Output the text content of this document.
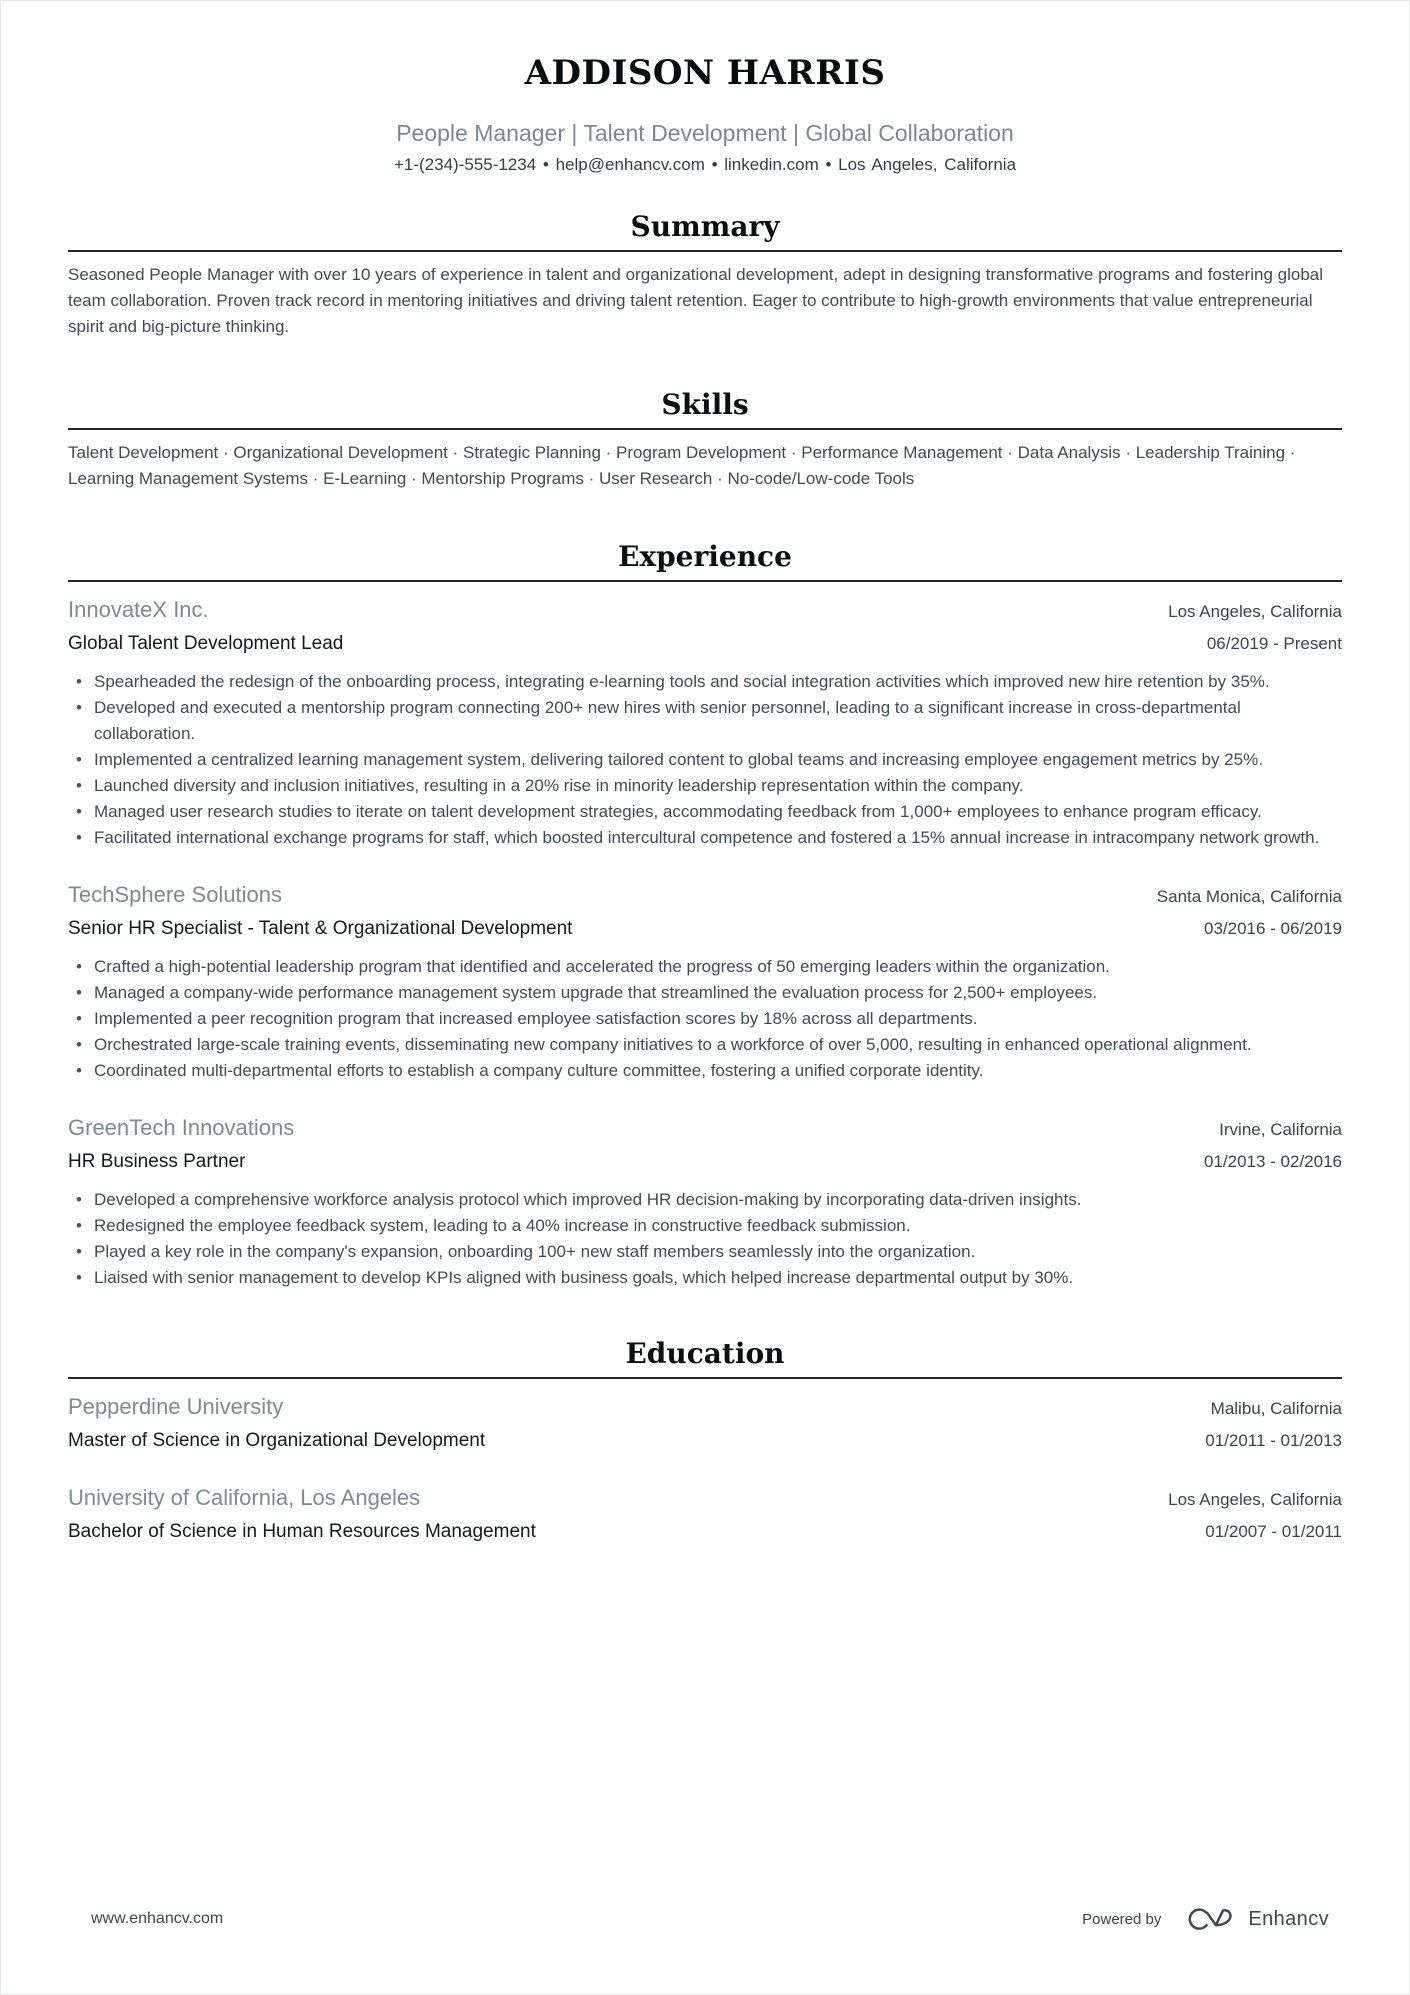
ADDISON HARRIS
People Manager | Talent Development | Global Collaboration
+1-(234)-555-1234 • help@enhancv.com • linkedin.com • Los Angeles, California
Summary

Seasoned People Manager with over 10 years of experience in talent and organizational development, adept in designing transformative programs and fostering global team collaboration. Proven track record in mentoring initiatives and driving talent retention. Eager to contribute to high-growth environments that value entrepreneurial spirit and big-picture thinking.

Skills

Talent Development · Organizational Development · Strategic Planning · Program Development · Performance Management · Data Analysis · Leadership Training · Learning Management Systems · E-Learning · Mentorship Programs · User Research · No-code/Low-code Tools

Experience
InnovateX Inc.	Los Angeles, California
Global Talent Development Lead	06/2019 - Present
• Spearheaded the redesign of the onboarding process, integrating e-learning tools and social integration activities which improved new hire retention by 35%.
• Developed and executed a mentorship program connecting 200+ new hires with senior personnel, leading to a significant increase in cross-departmental collaboration.
• Implemented a centralized learning management system, delivering tailored content to global teams and increasing employee engagement metrics by 25%.
• Launched diversity and inclusion initiatives, resulting in a 20% rise in minority leadership representation within the company.
• Managed user research studies to iterate on talent development strategies, accommodating feedback from 1,000+ employees to enhance program efficacy.
• Facilitated international exchange programs for staff, which boosted intercultural competence and fostered a 15% annual increase in intracompany network growth.
TechSphere Solutions	Santa Monica, California
Senior HR Specialist - Talent & Organizational Development	03/2016 - 06/2019
• Crafted a high-potential leadership program that identified and accelerated the progress of 50 emerging leaders within the organization.
• Managed a company-wide performance management system upgrade that streamlined the evaluation process for 2,500+ employees.
• Implemented a peer recognition program that increased employee satisfaction scores by 18% across all departments.
• Orchestrated large-scale training events, disseminating new company initiatives to a workforce of over 5,000, resulting in enhanced operational alignment.
• Coordinated multi-departmental efforts to establish a company culture committee, fostering a unified corporate identity.
GreenTech Innovations	Irvine, California
HR Business Partner	01/2013 - 02/2016
• Developed a comprehensive workforce analysis protocol which improved HR decision-making by incorporating data-driven insights.
• Redesigned the employee feedback system, leading to a 40% increase in constructive feedback submission.
• Played a key role in the company's expansion, onboarding 100+ new staff members seamlessly into the organization.
• Liaised with senior management to develop KPIs aligned with business goals, which helped increase departmental output by 30%.
Education
Pepperdine University	Malibu, California
Master of Science in Organizational Development	01/2011 - 01/2013
University of California, Los Angeles	Los Angeles, California
Bachelor of Science in Human Resources Management	01/2007 - 01/2011
www.enhancv.com	Powered by	Enhancv
